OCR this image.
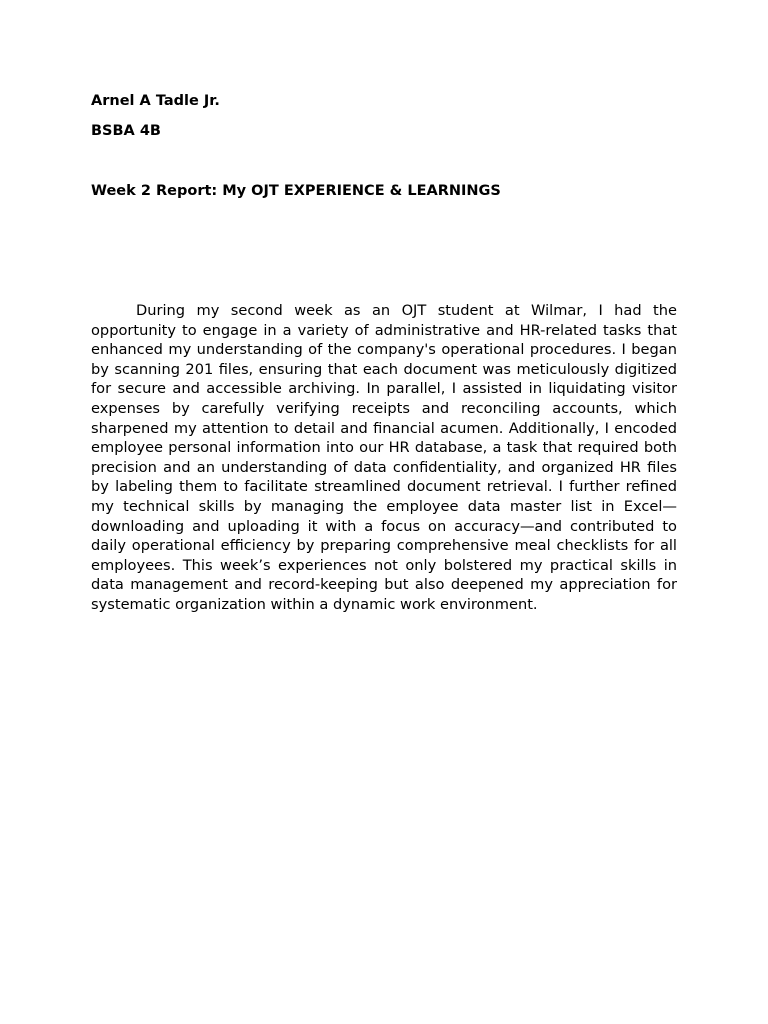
Arnel A Tadle Jr.
BSBA 4B
Week 2 Report: My OJT EXPERIENCE & LEARNINGS

During my second week as an OJT student at Wilmar, I had the opportunity to engage in a variety of administrative and HR-related tasks that enhanced my understanding of the company's operational procedures. I began by scanning 201 files, ensuring that each document was meticulously digitized for secure and accessible archiving. In parallel, I assisted in liquidating visitor expenses by carefully verifying receipts and reconciling accounts, which sharpened my attention to detail and financial acumen. Additionally, I encoded employee personal information into our HR database, a task that required both precision and an understanding of data confidentiality, and organized HR files by labeling them to facilitate streamlined document retrieval. I further refined my technical skills by managing the employee data master list in Excel—downloading and uploading it with a focus on accuracy—and contributed to daily operational efficiency by preparing comprehensive meal checklists for all employees. This week’s experiences not only bolstered my practical skills in data management and record-keeping but also deepened my appreciation for systematic organization within a dynamic work environment.
